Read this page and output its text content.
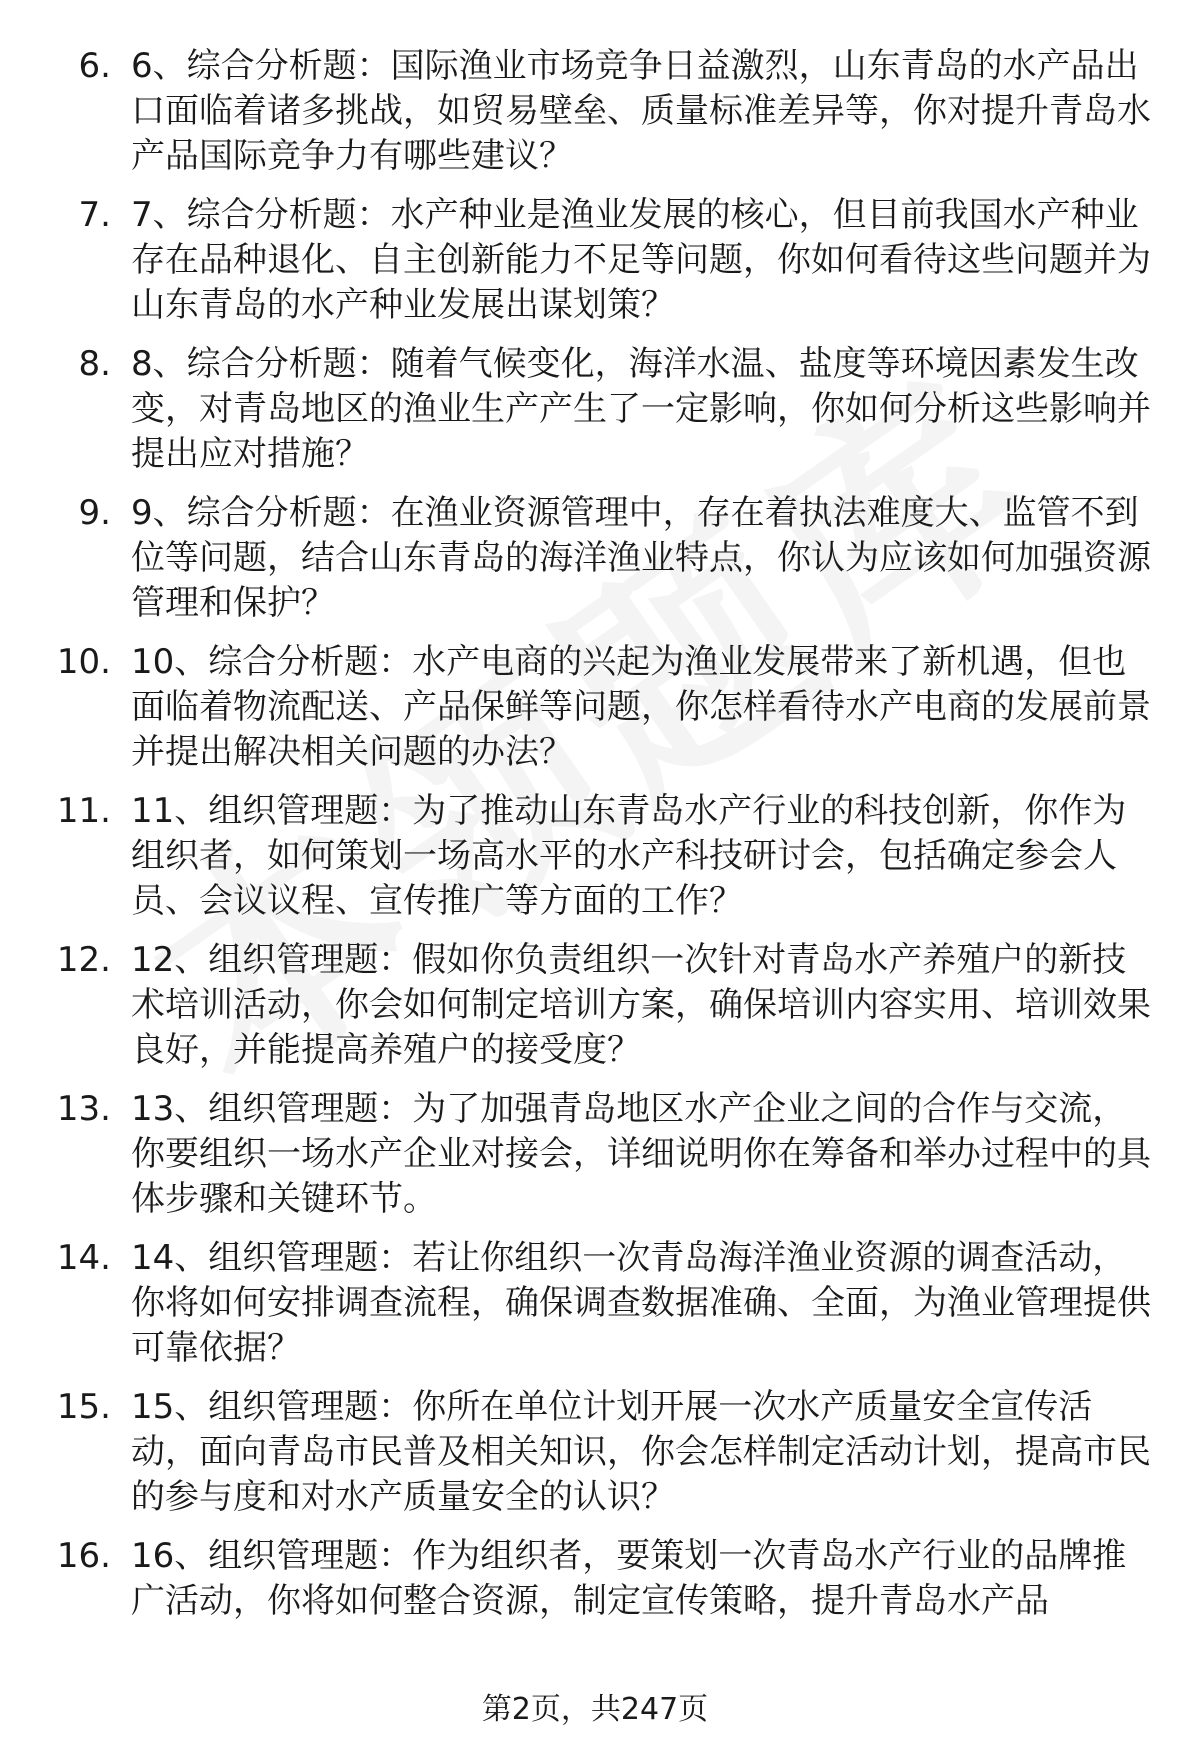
6. 6、综合分析题：国际渔业市场竞争日益激烈，山东青岛的水产品出口面临着诸多挑战，如贸易壁垒、质量标准差异等，你对提升青岛水产品国际竞争力有哪些建议？
7. 7、综合分析题：水产种业是渔业发展的核心，但目前我国水产种业存在品种退化、自主创新能力不足等问题，你如何看待这些问题并为山东青岛的水产种业发展出谋划策？
8. 8、综合分析题：随着气候变化，海洋水温、盐度等环境因素发生改变，对青岛地区的渔业生产产生了一定影响，你如何分析这些影响并提出应对措施？
9. 9、综合分析题：在渔业资源管理中，存在着执法难度大、监管不到位等问题，结合山东青岛的海洋渔业特点，你认为应该如何加强资源管理和保护？
10. 10、综合分析题：水产电商的兴起为渔业发展带来了新机遇，但也面临着物流配送、产品保鲜等问题，你怎样看待水产电商的发展前景并提出解决相关问题的办法？
11. 11、组织管理题：为了推动山东青岛水产行业的科技创新，你作为组织者，如何策划一场高水平的水产科技研讨会，包括确定参会人员、会议议程、宣传推广等方面的工作？
12. 12、组织管理题：假如你负责组织一次针对青岛水产养殖户的新技术培训活动，你会如何制定培训方案，确保培训内容实用、培训效果良好，并能提高养殖户的接受度？
13. 13、组织管理题：为了加强青岛地区水产企业之间的合作与交流，你要组织一场水产企业对接会，详细说明你在筹备和举办过程中的具体步骤和关键环节。
14. 14、组织管理题：若让你组织一次青岛海洋渔业资源的调查活动，你将如何安排调查流程，确保调查数据准确、全面，为渔业管理提供可靠依据？
15. 15、组织管理题：你所在单位计划开展一次水产质量安全宣传活动，面向青岛市民普及相关知识，你会怎样制定活动计划，提高市民的参与度和对水产质量安全的认识？
16. 16、组织管理题：作为组织者，要策划一次青岛水产行业的品牌推广活动，你将如何整合资源，制定宣传策略，提升青岛水产品
第2页，共247页
